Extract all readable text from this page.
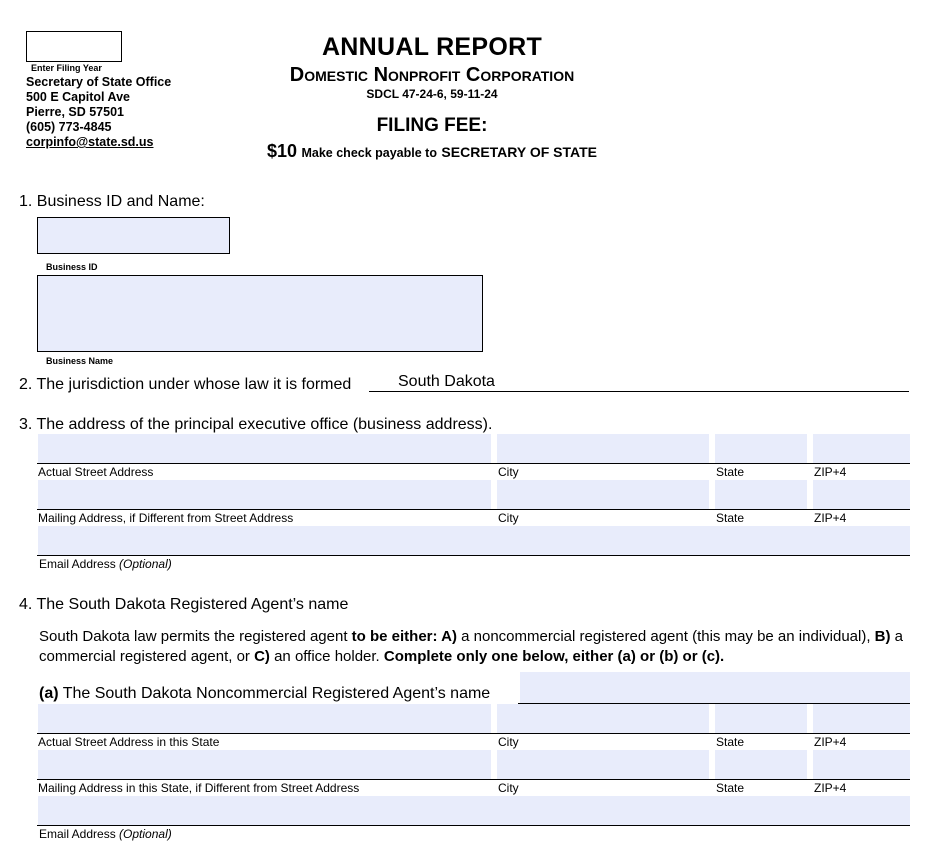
Enter Filing Year
Secretary of State Office
500 E Capitol Ave
Pierre, SD 57501
(605) 773-4845
corpinfo@state.sd.us
ANNUAL REPORT
Domestic Nonprofit Corporation
SDCL 47-24-6, 59-11-24
FILING FEE:
$10 Make check payable to SECRETARY OF STATE
1. Business ID and Name:
Business ID
Business Name
2. The jurisdiction under whose law it is formed	South Dakota
3. The address of the principal executive office (business address).
Actual Street Address	City	State	ZIP+4
Mailing Address, if Different from Street Address	City	State	ZIP+4
Email Address (Optional)
4. The South Dakota Registered Agent’s name
South Dakota law permits the registered agent to be either: A) a noncommercial registered agent (this may be an individual), B) a commercial registered agent, or C) an office holder. Complete only one below, either (a) or (b) or (c).
(a) The South Dakota Noncommercial Registered Agent’s name
Actual Street Address in this State	City	State	ZIP+4
Mailing Address in this State, if Different from Street Address	City	State	ZIP+4
Email Address (Optional)
